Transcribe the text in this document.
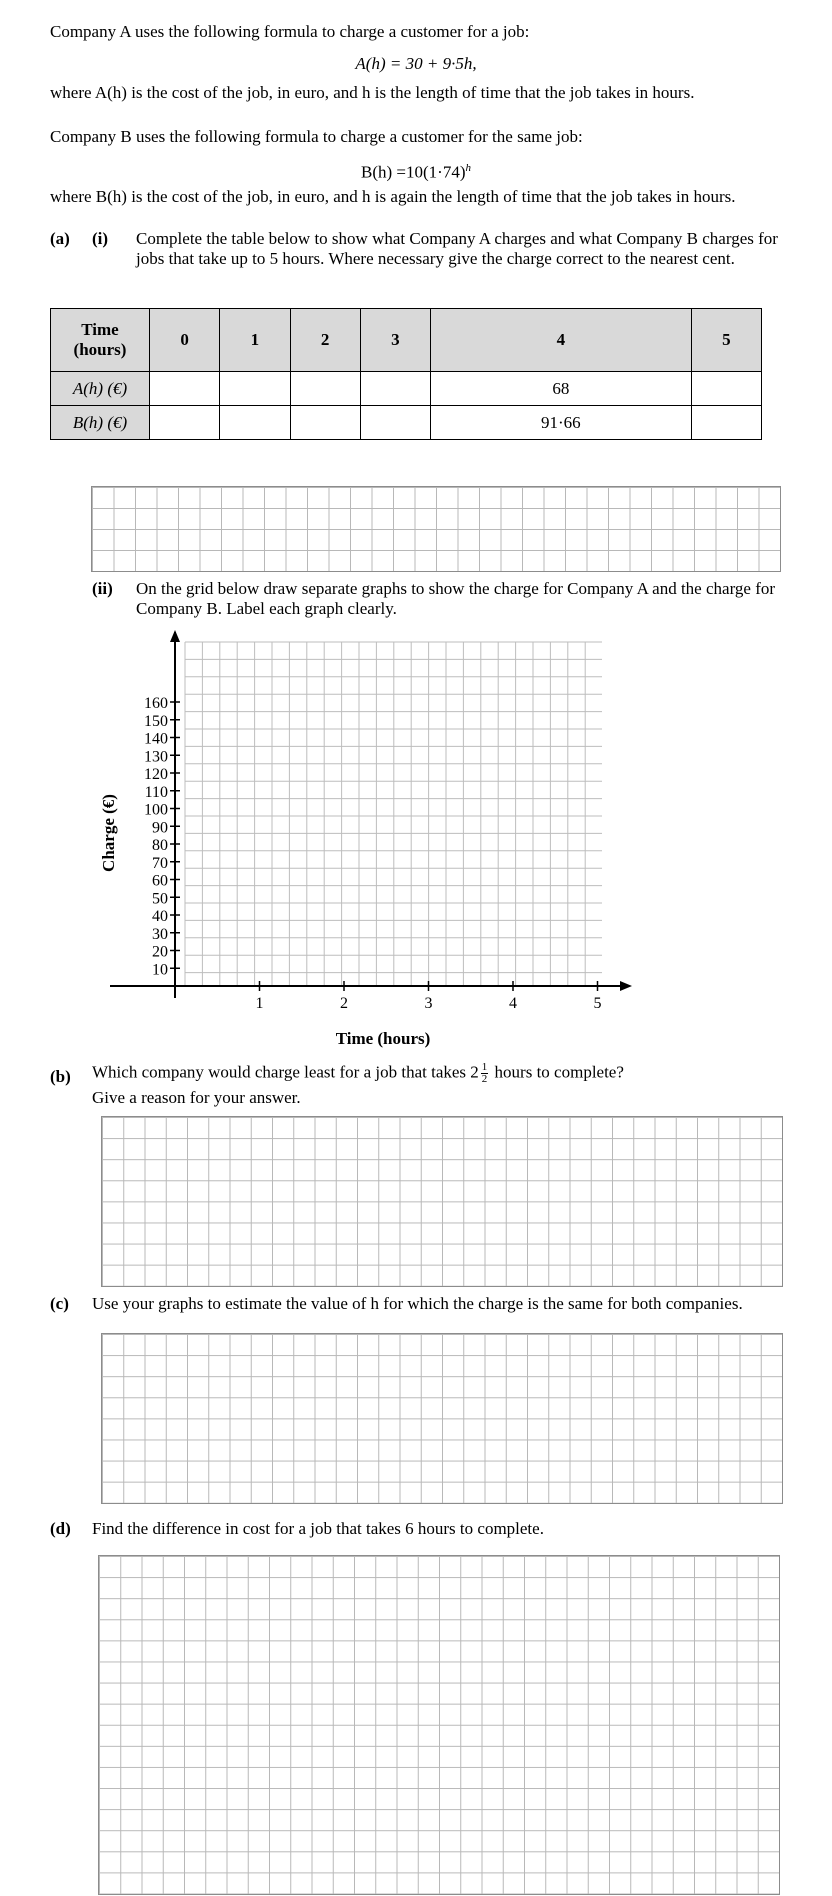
Company A uses the following formula to charge a customer for a job:
A(h) = 30 + 9·5h,
where A(h) is the cost of the job, in euro, and h is the length of time that the job takes in hours.
Company B uses the following formula to charge a customer for the same job:
$B(h) =10(1\cdot 74)^h$
where B(h) is the cost of the job, in euro, and h is again the length of time that the job takes in hours.
(a) (i) Complete the table below to show what Company A charges and what Company B charges for jobs that take up to 5 hours. Where necessary give the charge correct to the nearest cent.
Time
(hours)	0	1	2	3	4	5
A(h) (€)					68	
B(h) (€)					91·66	
(ii) On the grid below draw separate graphs to show the charge for Company A and the charge for Company B. Label each graph clearly.
1	2	3	4	5
160
150
140
130
120
110
100
90
80
70
60
50
40
30
20
10
Time (hours)
Charge (€)
(b) Which company would charge least for a job that takes $2 \frac{1}{2}$ hours to complete?
Give a reason for your answer.
(c) Use your graphs to estimate the value of h for which the charge is the same for both companies.
(d) Find the difference in cost for a job that takes 6 hours to complete.
